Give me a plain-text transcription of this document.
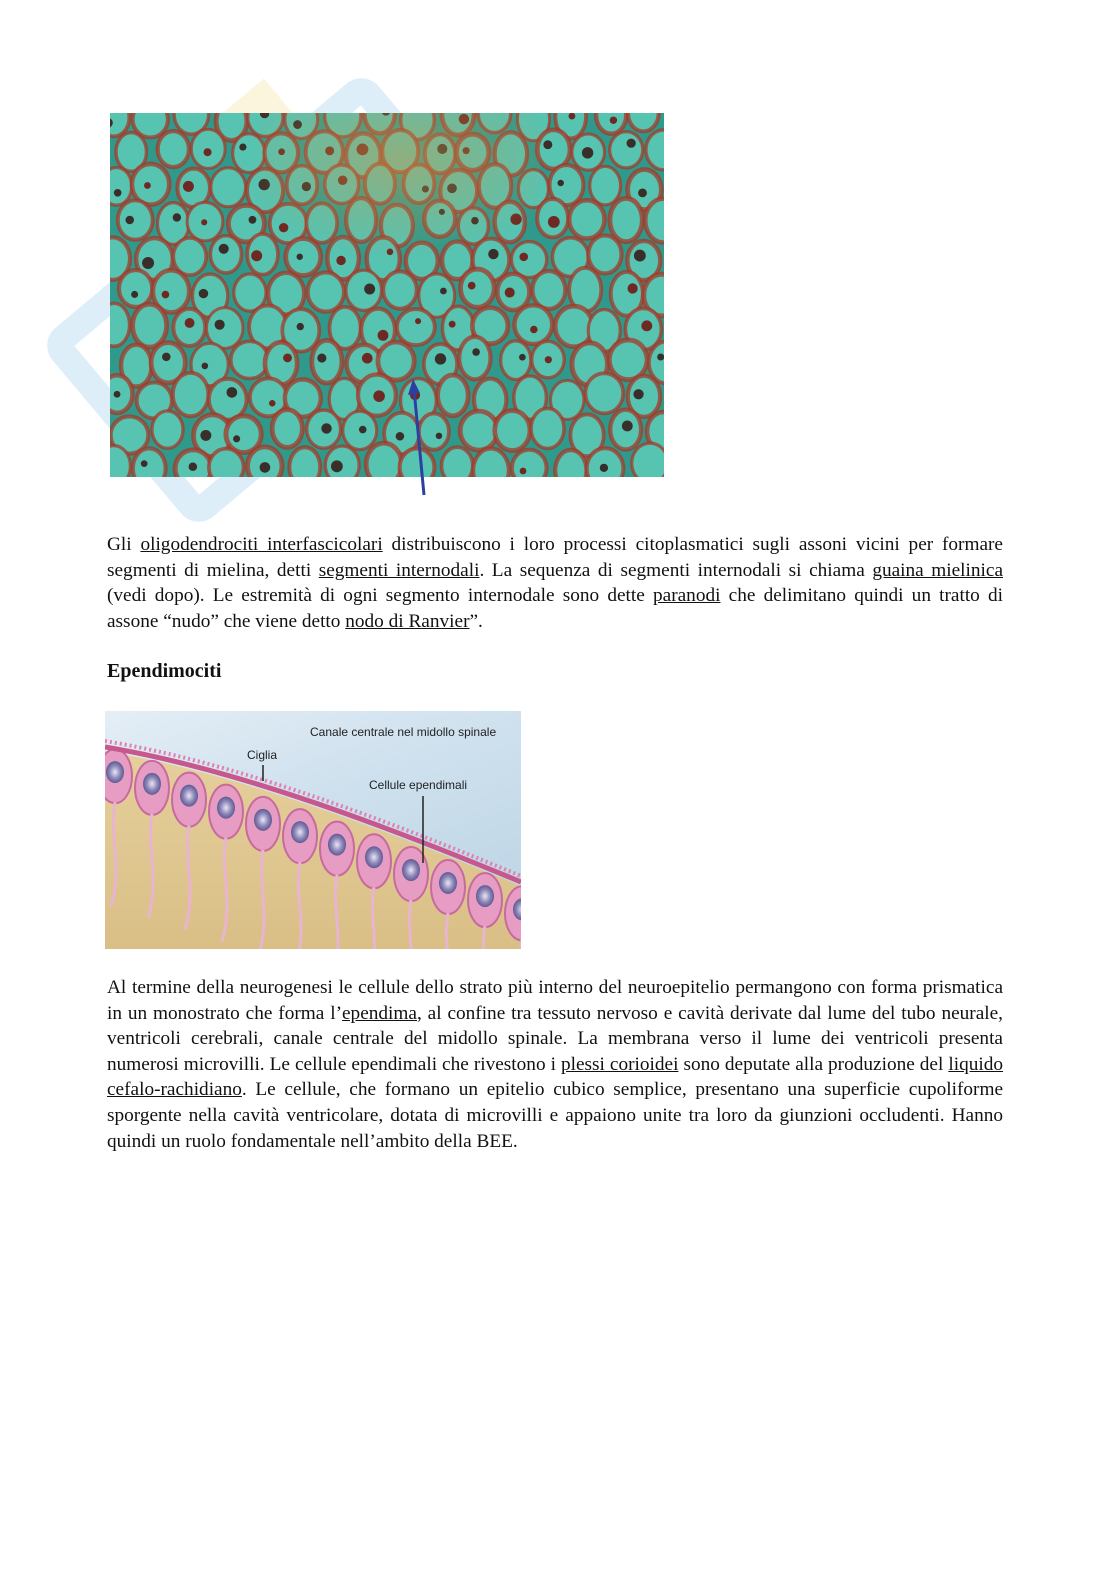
Gli oligodendrociti interfascicolari distribuiscono i loro processi citoplasmatici sugli assoni vicini per formare segmenti di mielina, detti segmenti internodali. La sequenza di segmenti internodali si chiama guaina mielinica (vedi dopo). Le estremità di ogni segmento internodale sono dette paranodi che delimitano quindi un tratto di assone “nudo” che viene detto nodo di Ranvier”.

Ependimociti

Canale centrale nel midollo spinale
Ciglia
Cellule ependimali

Al termine della neurogenesi le cellule dello strato più interno del neuroepitelio permangono con forma prismatica in un monostrato che forma l’ependima, al confine tra tessuto nervoso e cavità derivate dal lume del tubo neurale, ventricoli cerebrali, canale centrale del midollo spinale. La membrana verso il lume dei ventricoli presenta numerosi microvilli. Le cellule ependimali che rivestono i plessi corioidei sono deputate alla produzione del liquido cefalo-rachidiano. Le cellule, che formano un epitelio cubico semplice, presentano una superficie cupoliforme sporgente nella cavità ventricolare, dotata di microvilli e appaiono unite tra loro da giunzioni occludenti. Hanno quindi un ruolo fondamentale nell’ambito della BEE.
